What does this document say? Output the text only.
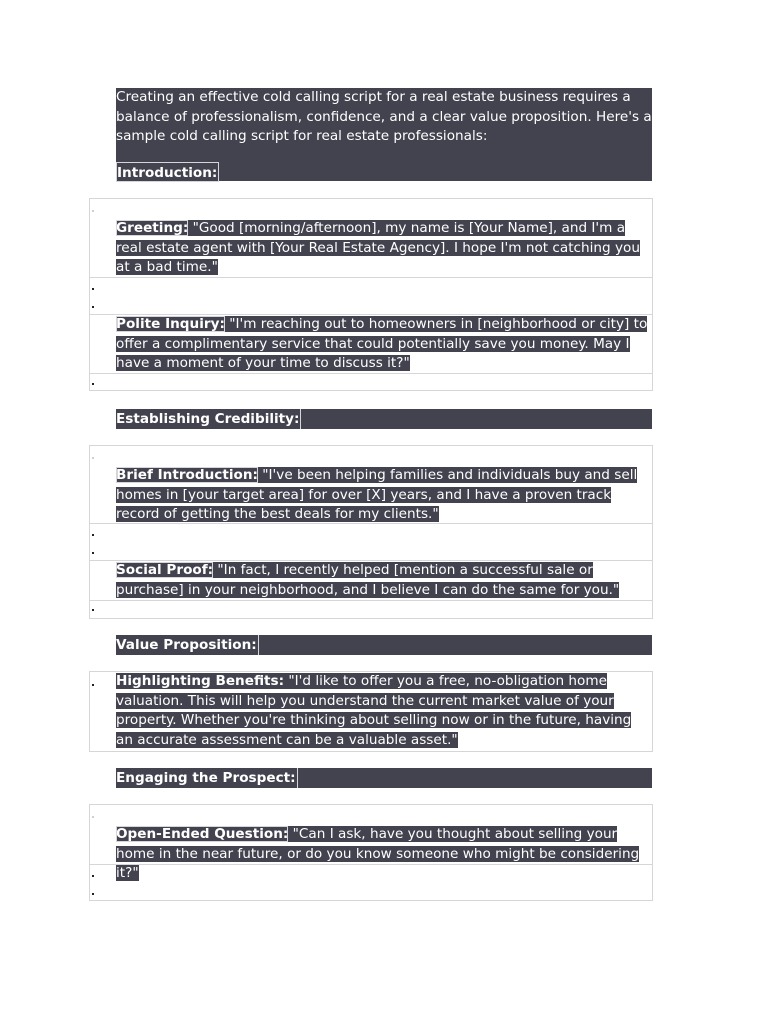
Creating an effective cold calling script for a real estate business requires a balance of professionalism, confidence, and a clear value proposition. Here's a sample cold calling script for real estate professionals:

Introduction:

Greeting: "Good [morning/afternoon], my name is [Your Name], and I'm a real estate agent with [Your Real Estate Agency]. I hope I'm not catching you at a bad time."

Polite Inquiry: "I'm reaching out to homeowners in [neighborhood or city] to offer a complimentary service that could potentially save you money. May I have a moment of your time to discuss it?"

Establishing Credibility:

Brief Introduction: "I've been helping families and individuals buy and sell homes in [your target area] for over [X] years, and I have a proven track record of getting the best deals for my clients."

Social Proof: "In fact, I recently helped [mention a successful sale or purchase] in your neighborhood, and I believe I can do the same for you."

Value Proposition:

Highlighting Benefits: "I'd like to offer you a free, no-obligation home valuation. This will help you understand the current market value of your property. Whether you're thinking about selling now or in the future, having an accurate assessment can be a valuable asset."

Engaging the Prospect:

Open-Ended Question: "Can I ask, have you thought about selling your home in the near future, or do you know someone who might be considering it?"
